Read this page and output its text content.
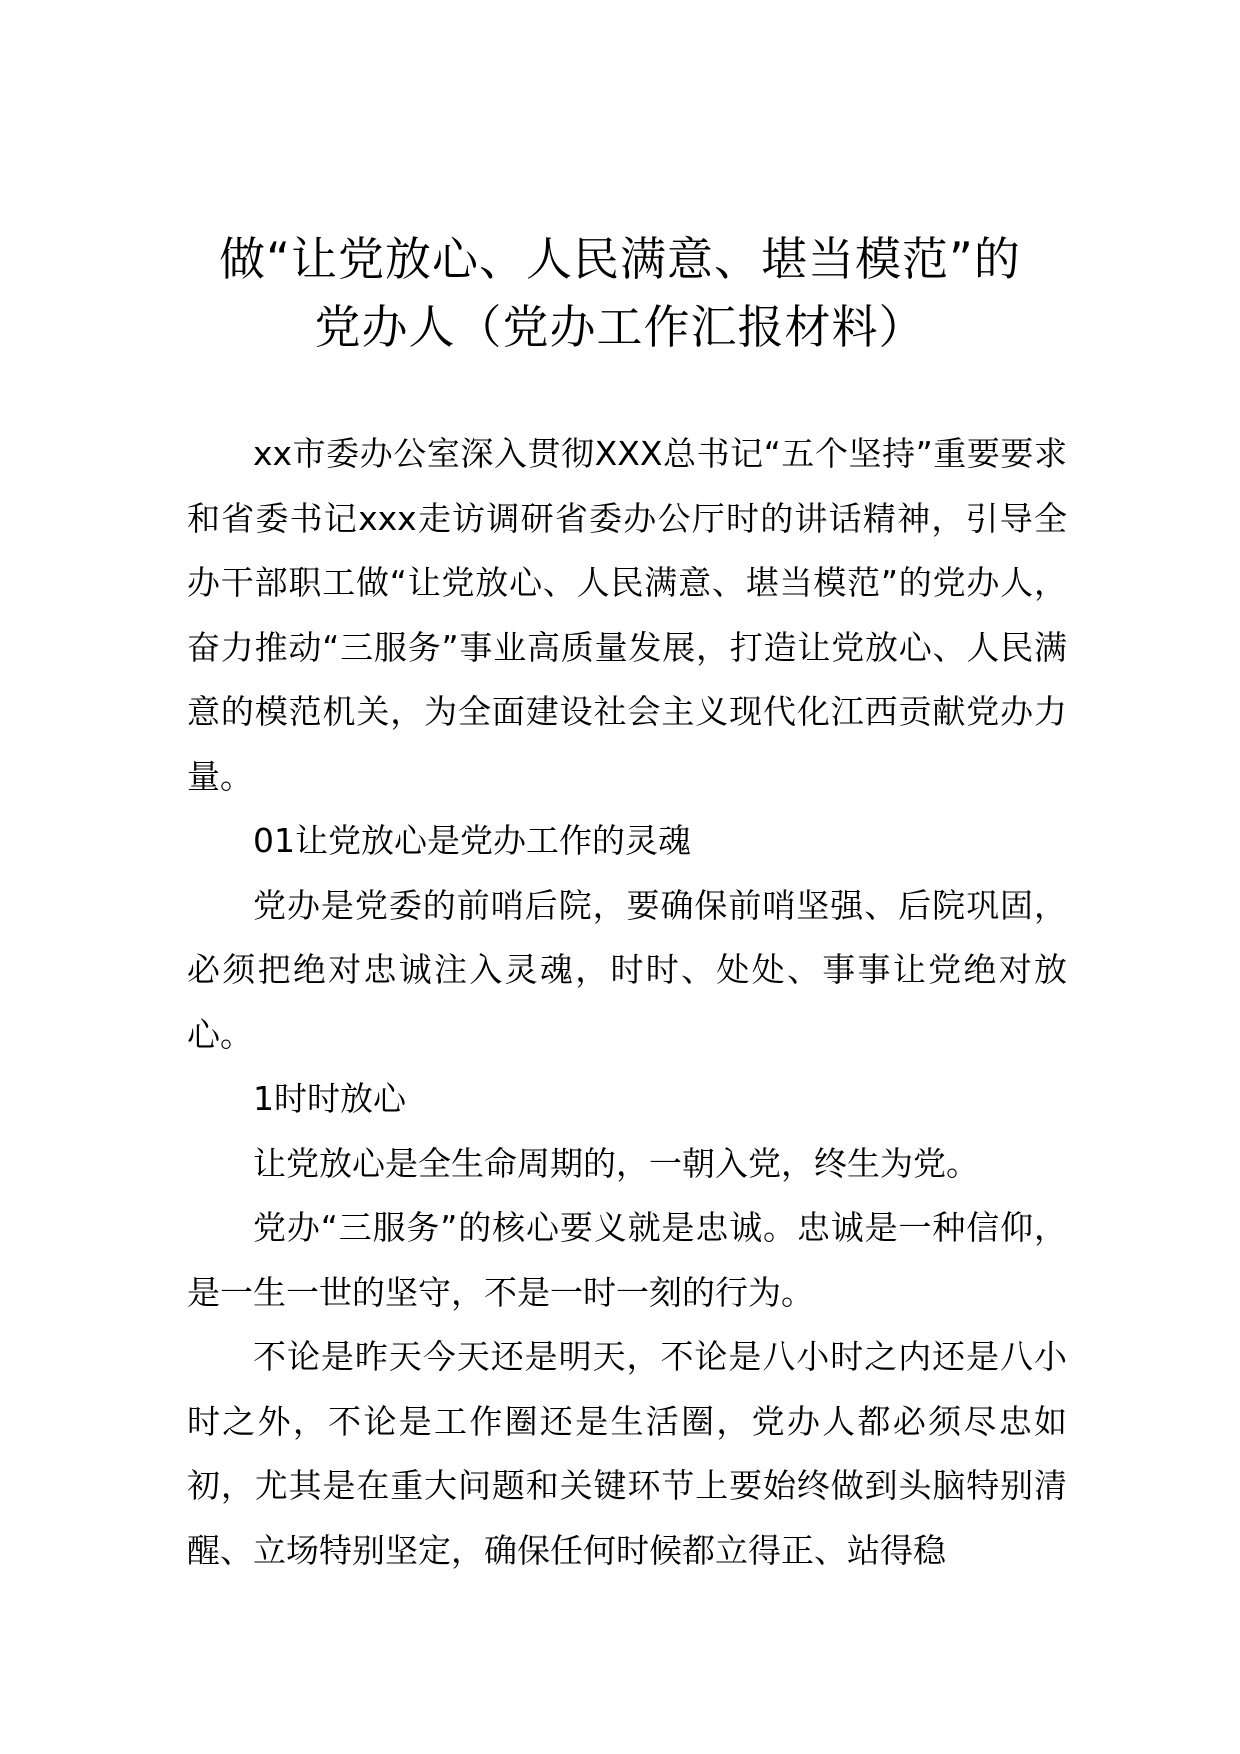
做“让党放心、人民满意、堪当模范”的
党办人（党办工作汇报材料）

xx市委办公室深入贯彻XXX总书记“五个坚持”重要要求和省委书记xxx走访调研省委办公厅时的讲话精神，引导全办干部职工做“让党放心、人民满意、堪当模范”的党办人，奋力推动“三服务”事业高质量发展，打造让党放心、人民满意的模范机关，为全面建设社会主义现代化江西贡献党办力量。

01让党放心是党办工作的灵魂

党办是党委的前哨后院，要确保前哨坚强、后院巩固，必须把绝对忠诚注入灵魂，时时、处处、事事让党绝对放心。

1时时放心

让党放心是全生命周期的，一朝入党，终生为党。

党办“三服务”的核心要义就是忠诚。忠诚是一种信仰，是一生一世的坚守，不是一时一刻的行为。

不论是昨天今天还是明天，不论是八小时之内还是八小时之外，不论是工作圈还是生活圈，党办人都必须尽忠如初，尤其是在重大问题和关键环节上要始终做到头脑特别清醒、立场特别坚定，确保任何时候都立得正、站得稳
